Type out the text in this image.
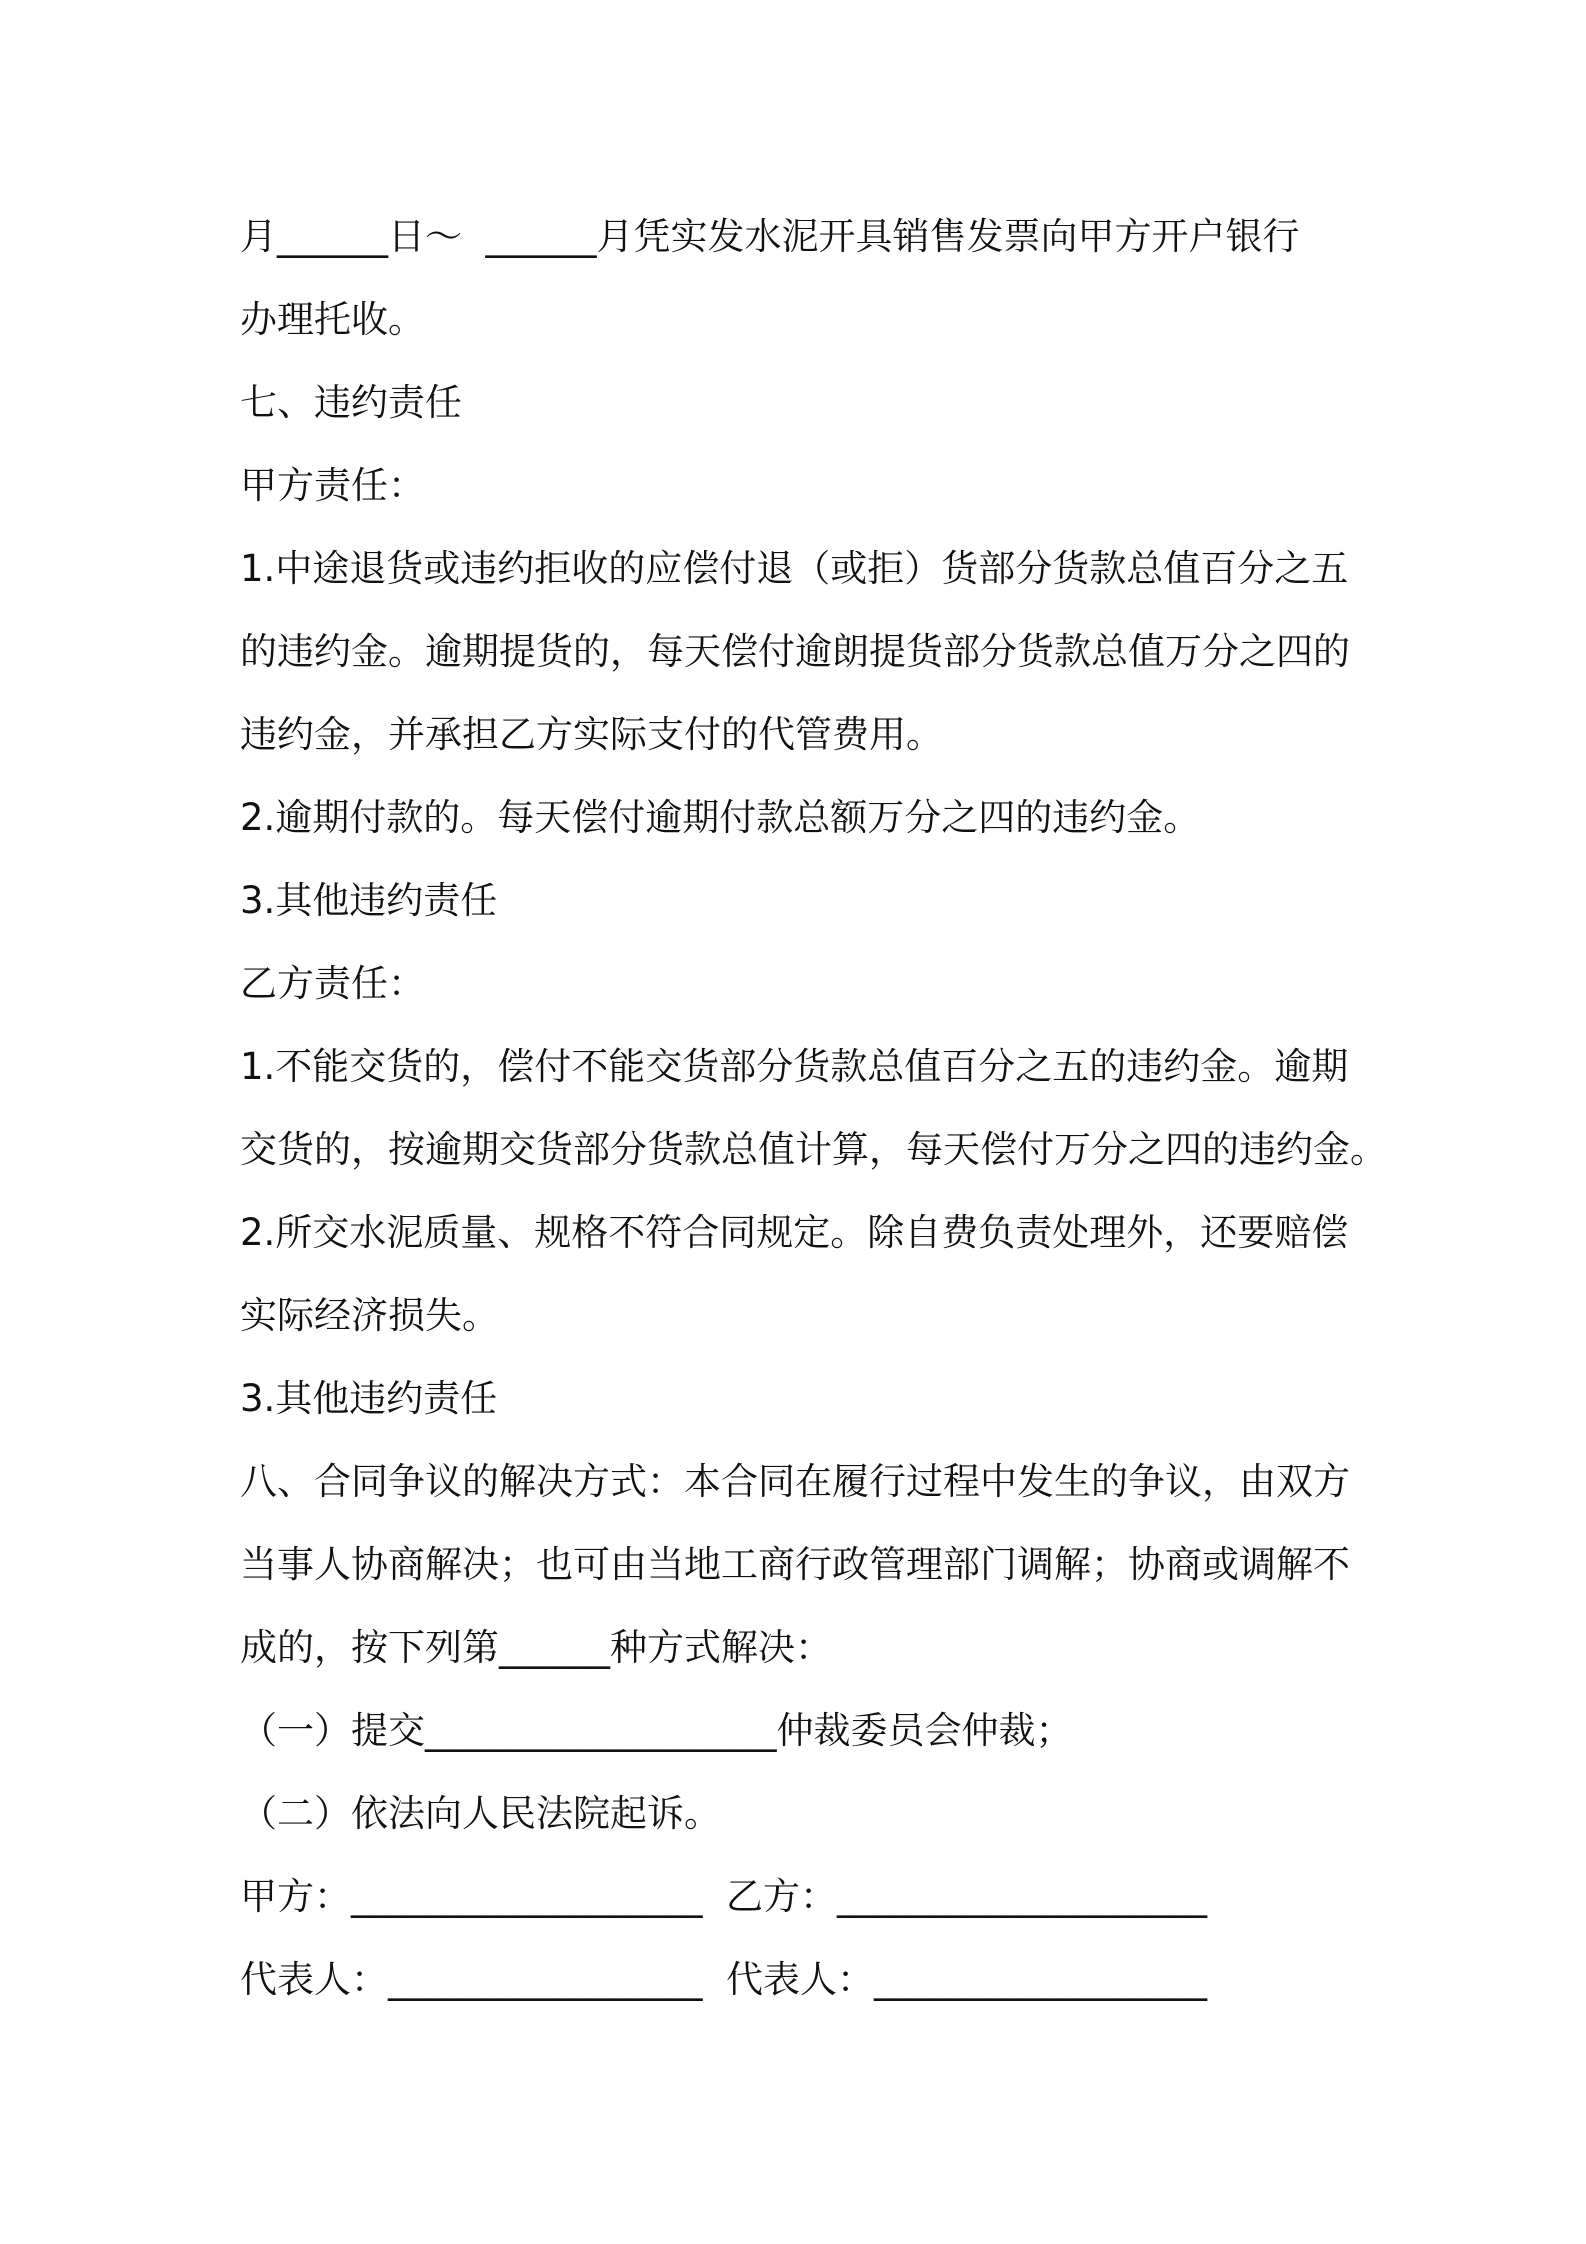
月______日～  ______月凭实发水泥开具销售发票向甲方开户银行
办理托收。
七、违约责任
甲方责任：
1.中途退货或违约拒收的应偿付退（或拒）货部分货款总值百分之五
的违约金。逾期提货的，每天偿付逾朗提货部分货款总值万分之四的
违约金，并承担乙方实际支付的代管费用。
2.逾期付款的。每天偿付逾期付款总额万分之四的违约金。
3.其他违约责任
乙方责任：
1.不能交货的，偿付不能交货部分货款总值百分之五的违约金。逾期
交货的，按逾期交货部分货款总值计算，每天偿付万分之四的违约金。
2.所交水泥质量、规格不符合同规定。除自费负责处理外，还要赔偿
实际经济损失。
3.其他违约责任
八、合同争议的解决方式：本合同在履行过程中发生的争议，由双方
当事人协商解决；也可由当地工商行政管理部门调解；协商或调解不
成的，按下列第______种方式解决：
（一）提交___________________仲裁委员会仲裁；
（二）依法向人民法院起诉。
甲方：___________________  乙方：____________________
代表人：_________________  代表人：__________________
